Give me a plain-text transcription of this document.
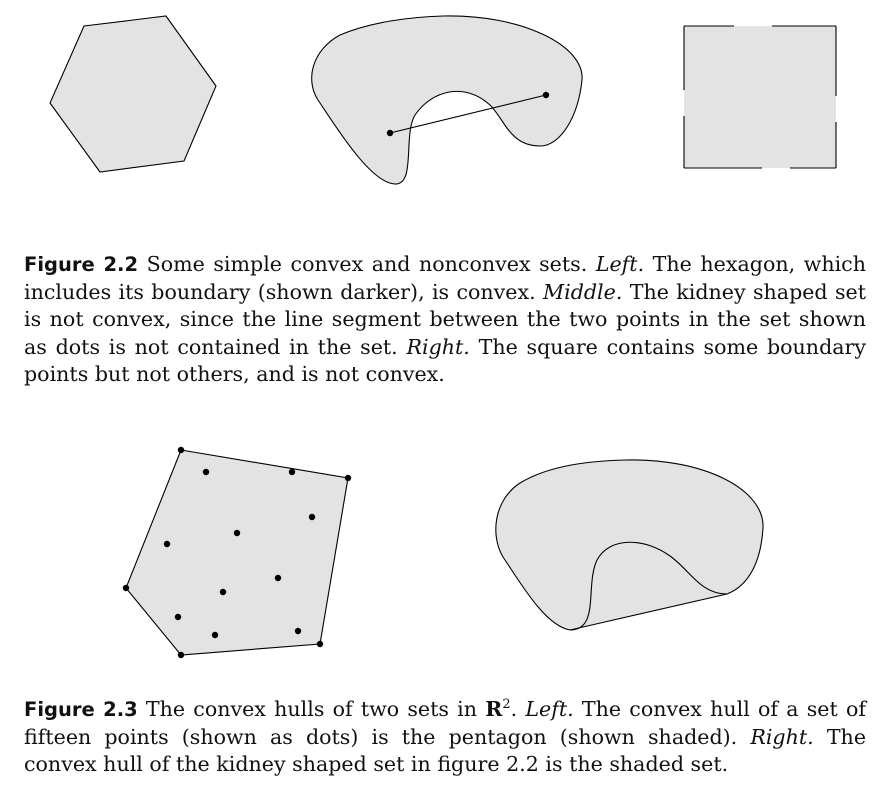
Figure 2.2 Some simple convex and nonconvex sets. Left. The hexagon, which includes its boundary (shown darker), is convex. Middle. The kidney shaped set is not convex, since the line segment between the two points in the set shown as dots is not contained in the set. Right. The square contains some boundary points but not others, and is not convex.
Figure 2.3 The convex hulls of two sets in $R^2$. Left. The convex hull of a set of fifteen points (shown as dots) is the pentagon (shown shaded). Right. The convex hull of the kidney shaped set in figure 2.2 is the shaded set.
